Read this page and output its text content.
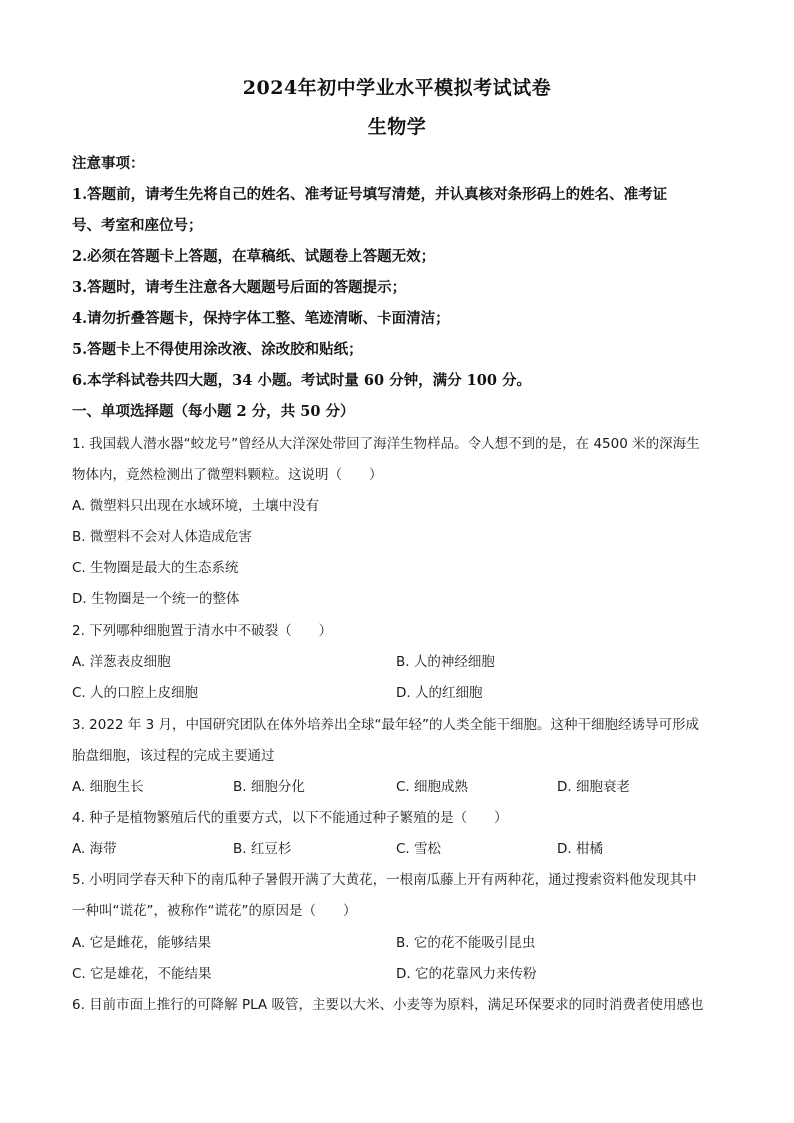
2024年初中学业水平模拟考试试卷
生物学
注意事项：
1.答题前，请考生先将自己的姓名、准考证号填写清楚，并认真核对条形码上的姓名、准考证
号、考室和座位号；
2.必须在答题卡上答题，在草稿纸、试题卷上答题无效；
3.答题时，请考生注意各大题题号后面的答题提示；
4.请勿折叠答题卡，保持字体工整、笔迹清晰、卡面清洁；
5.答题卡上不得使用涂改液、涂改胶和贴纸；
6.本学科试卷共四大题，34 小题。考试时量 60 分钟，满分 100 分。
一、单项选择题（每小题 2 分，共 50 分）
1. 我国载人潜水器“蛟龙号”曾经从大洋深处带回了海洋生物样品。令人想不到的是，在 4500 米的深海生
物体内，竟然检测出了微塑料颗粒。这说明（　　）
A. 微塑料只出现在水域环境，土壤中没有
B. 微塑料不会对人体造成危害
C. 生物圈是最大的生态系统
D. 生物圈是一个统一的整体
2. 下列哪种细胞置于清水中不破裂（　　）
A. 洋葱表皮细胞	B. 人的神经细胞
C. 人的口腔上皮细胞	D. 人的红细胞
3. 2022 年 3 月，中国研究团队在体外培养出全球“最年轻”的人类全能干细胞。这种干细胞经诱导可形成
胎盘细胞，该过程的完成主要通过
A. 细胞生长	B. 细胞分化	C. 细胞成熟	D. 细胞衰老
4. 种子是植物繁殖后代的重要方式，以下不能通过种子繁殖的是（　　）
A. 海带	B. 红豆杉	C. 雪松	D. 柑橘
5. 小明同学春天种下的南瓜种子暑假开满了大黄花，一根南瓜藤上开有两种花，通过搜索资料他发现其中
一种叫“谎花”，被称作“谎花”的原因是（　　）
A. 它是雌花，能够结果	B. 它的花不能吸引昆虫
C. 它是雄花，不能结果	D. 它的花靠风力来传粉
6. 目前市面上推行的可降解 PLA 吸管，主要以大米、小麦等为原料，满足环保要求的同时消费者使用感也
